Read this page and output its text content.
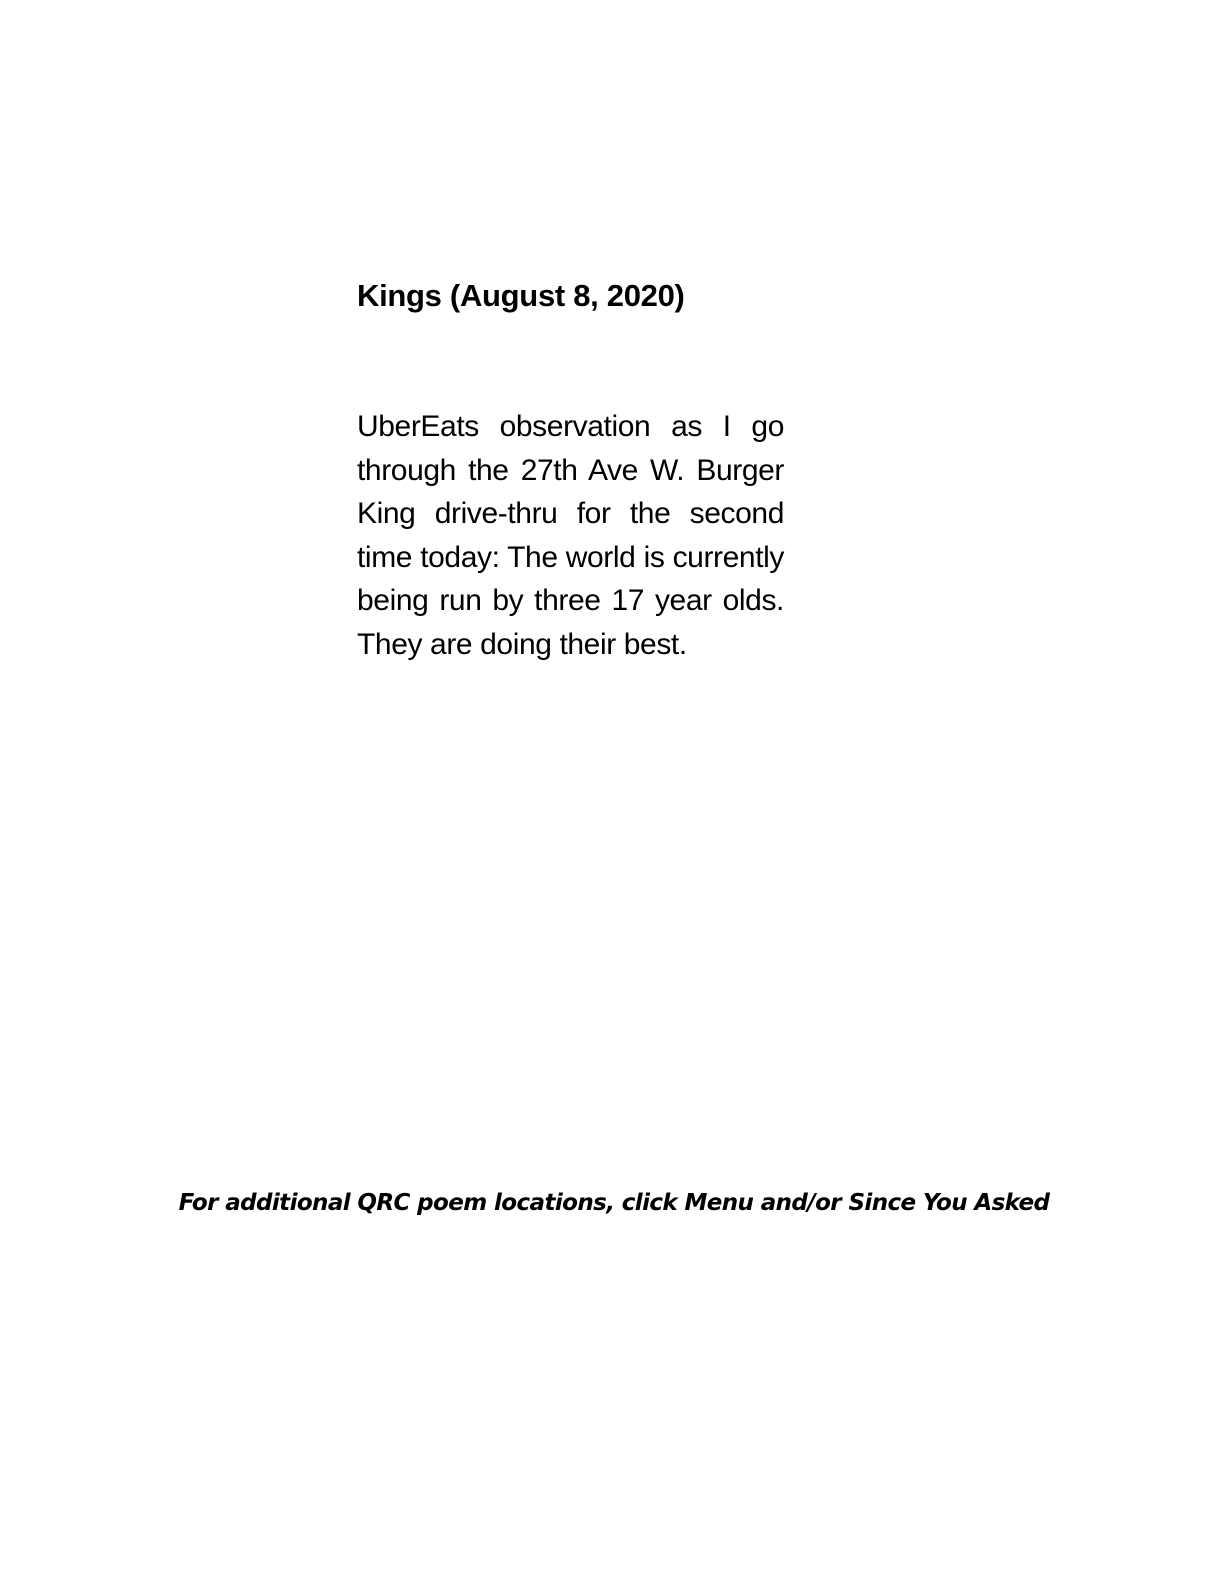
Kings (August 8, 2020)

UberEats observation as I go through the 27th Ave W. Burger King drive-thru for the second time today: The world is currently being run by three 17 year olds. They are doing their best.

For additional QRC poem locations, click Menu and/or Since You Asked
